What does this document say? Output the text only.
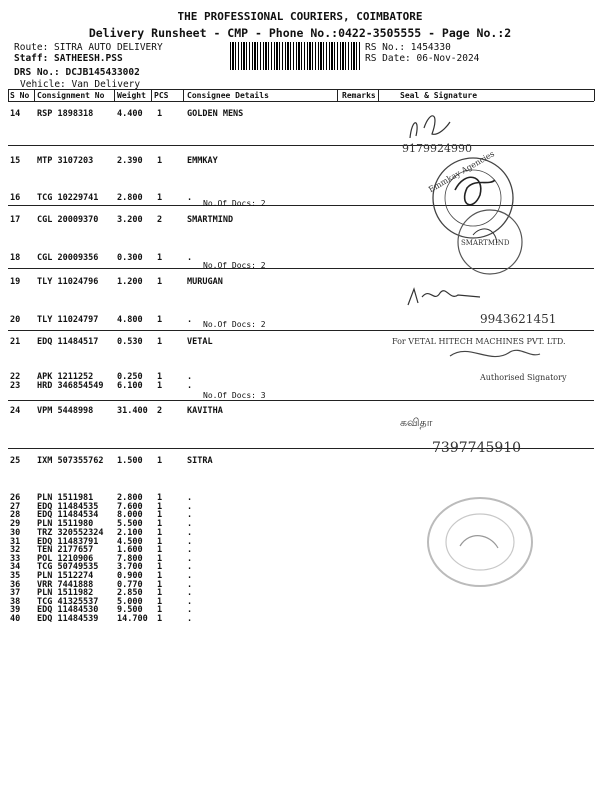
THE PROFESSIONAL COURIERS, COIMBATORE
Delivery Runsheet - CMP - Phone No.:0422-3505555 - Page No.:2
Route: SITRA AUTO DELIVERY
Staff: SATHEESH.PSS
DRS No.: DCJB145433002
Vehicle: Van Delivery
RS No.: 1454330
RS Date: 06-Nov-2024
S No Consignment No Weight PCS Consignee Details	Remarks	Seal & Signature
14 RSP 1898318	4.400 1	GOLDEN MENS
15 MTP 3107203	2.390 1	EMMKAY
16 TCG 10229741 2.800 1	.
17 CGL 20009370 3.200 2	SMARTMIND
18 CGL 20009356 0.300 1	.
19 TLY 11024796 1.200 1	MURUGAN
20 TLY 11024797 4.800 1	.
21 EDQ 11484517 0.530 1	VETAL
22 APK 1211252	0.250 1	.
23 HRD 346854549 6.100 1	.
24 VPM 5448998	31.400 2	KAVITHA
25 IXM 507355762 1.500 1	SITRA
26 PLN 1511981	2.800 1	.
27 EDQ 11484535 7.600 1	.
28 EDQ 11484534 8.000 1	.
29 PLN 1511980	5.500 1	.
30 TRZ 320552324 2.100 1	.
31 EDQ 11483791 4.500 1	.
32 TEN 2177657	1.600 1	.
33 POL 1210906	7.800 1	.
34 TCG 50749535 3.700 1	.
35 PLN 1512274	0.900 1	.
36 VRR 7441888	0.770 1	.
37 PLN 1511982	2.850 1	.
38 TCG 41325537 5.000 1	.
39 EDQ 11484530 9.500 1	.
40 EDQ 11484539 14.700 1	.
No.Of Docs: 2
No.Of Docs: 2
No.Of Docs: 2
No.Of Docs: 3
9179924990
Emmkay Agencies
SMARTMIND
9943621451
For VETAL HITECH MACHINES PVT. LTD.
Authorised Signatory
கவிதா
7397745910
